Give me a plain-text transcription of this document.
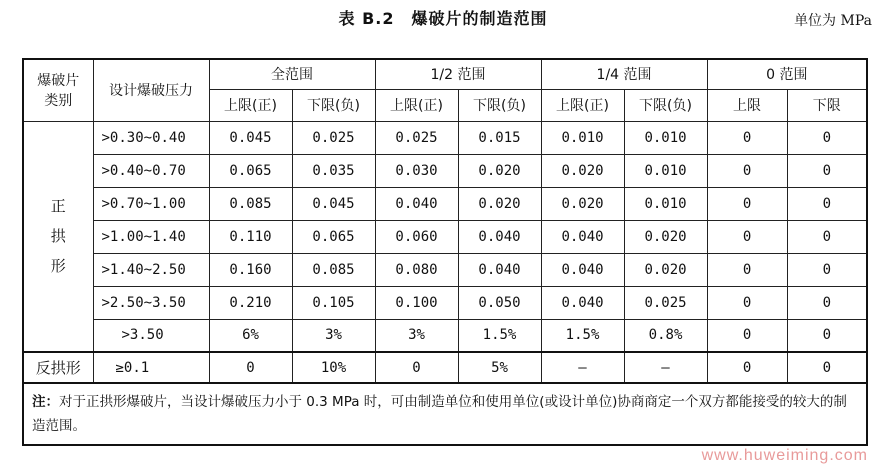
表 B.2　爆破片的制造范围	单位为 MPa
爆破片类别	设计爆破压力	全范围		1/2 范围		1/4 范围		0 范围	
		上限(正)	下限(负)	上限(正)	下限(负)	上限(正)	下限(负)	上限	下限

正
拱
形	>0.30~0.40	0.045	0.025	0.025	0.015	0.010	0.010	0	0
	>0.40~0.70	0.065	0.035	0.030	0.020	0.020	0.010	0	0
	>0.70~1.00	0.085	0.045	0.040	0.020	0.020	0.010	0	0
	>1.00~1.40	0.110	0.065	0.060	0.040	0.040	0.020	0	0
	>1.40~2.50	0.160	0.085	0.080	0.040	0.040	0.020	0	0
	>2.50~3.50	0.210	0.105	0.100	0.050	0.040	0.025	0	0
	>3.50	6%	3%	3%	1.5%	1.5%	0.8%	0	0
反拱形	≥0.1	0	10%	0	5%	—	—	0	0
注：对于正拱形爆破片，当设计爆破压力小于 0.3 MPa 时，可由制造单位和使用单位(或设计单位)协商商定一个双方都能接受的较大的制造范围。									
www.huweiming.com
